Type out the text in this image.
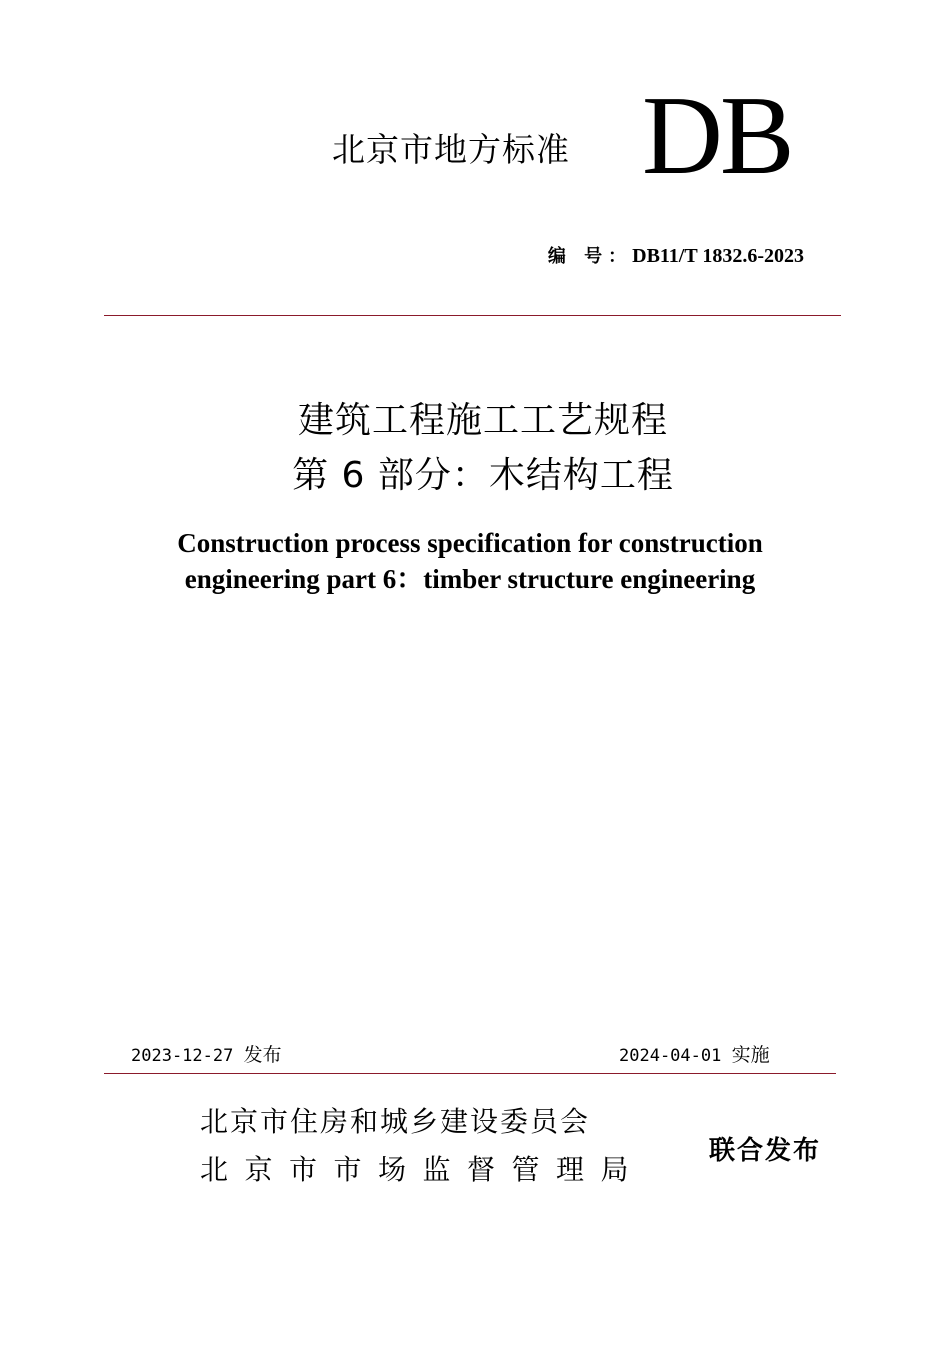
北京市地方标准 DB
编 号：DB11/T 1832.6-2023
建筑工程施工工艺规程
第 6 部分：木结构工程
Construction process specification for construction
engineering part 6：timber structure engineering
2023-12-27 发布	2024-04-01 实施
北京市住房和城乡建设委员会
北京市市场监督管理局
联合发布
